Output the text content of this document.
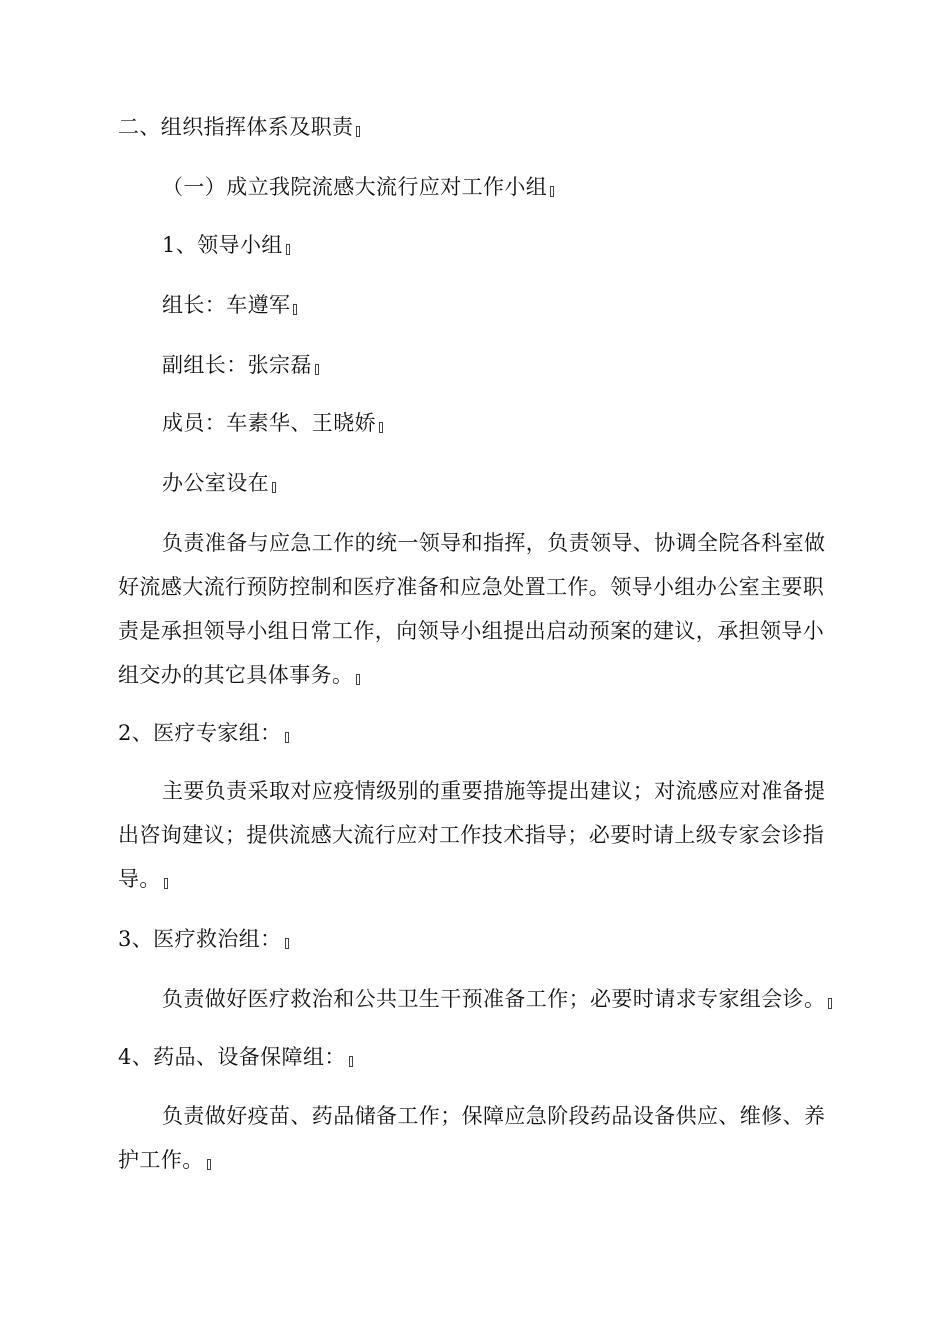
二、组织指挥体系及职责
（一）成立我院流感大流行应对工作小组
1、领导小组
组长：车遵军
副组长：张宗磊
成员：车素华、王晓娇
办公室设在
负责准备与应急工作的统一领导和指挥，负责领导、协调全院各科室做好流感大流行预防控制和医疗准备和应急处置工作。领导小组办公室主要职责是承担领导小组日常工作，向领导小组提出启动预案的建议，承担领导小组交办的其它具体事务。
2、医疗专家组：
主要负责采取对应疫情级别的重要措施等提出建议；对流感应对准备提出咨询建议；提供流感大流行应对工作技术指导；必要时请上级专家会诊指导。
3、医疗救治组：
负责做好医疗救治和公共卫生干预准备工作；必要时请求专家组会诊。
4、药品、设备保障组：
负责做好疫苗、药品储备工作；保障应急阶段药品设备供应、维修、养护工作。
